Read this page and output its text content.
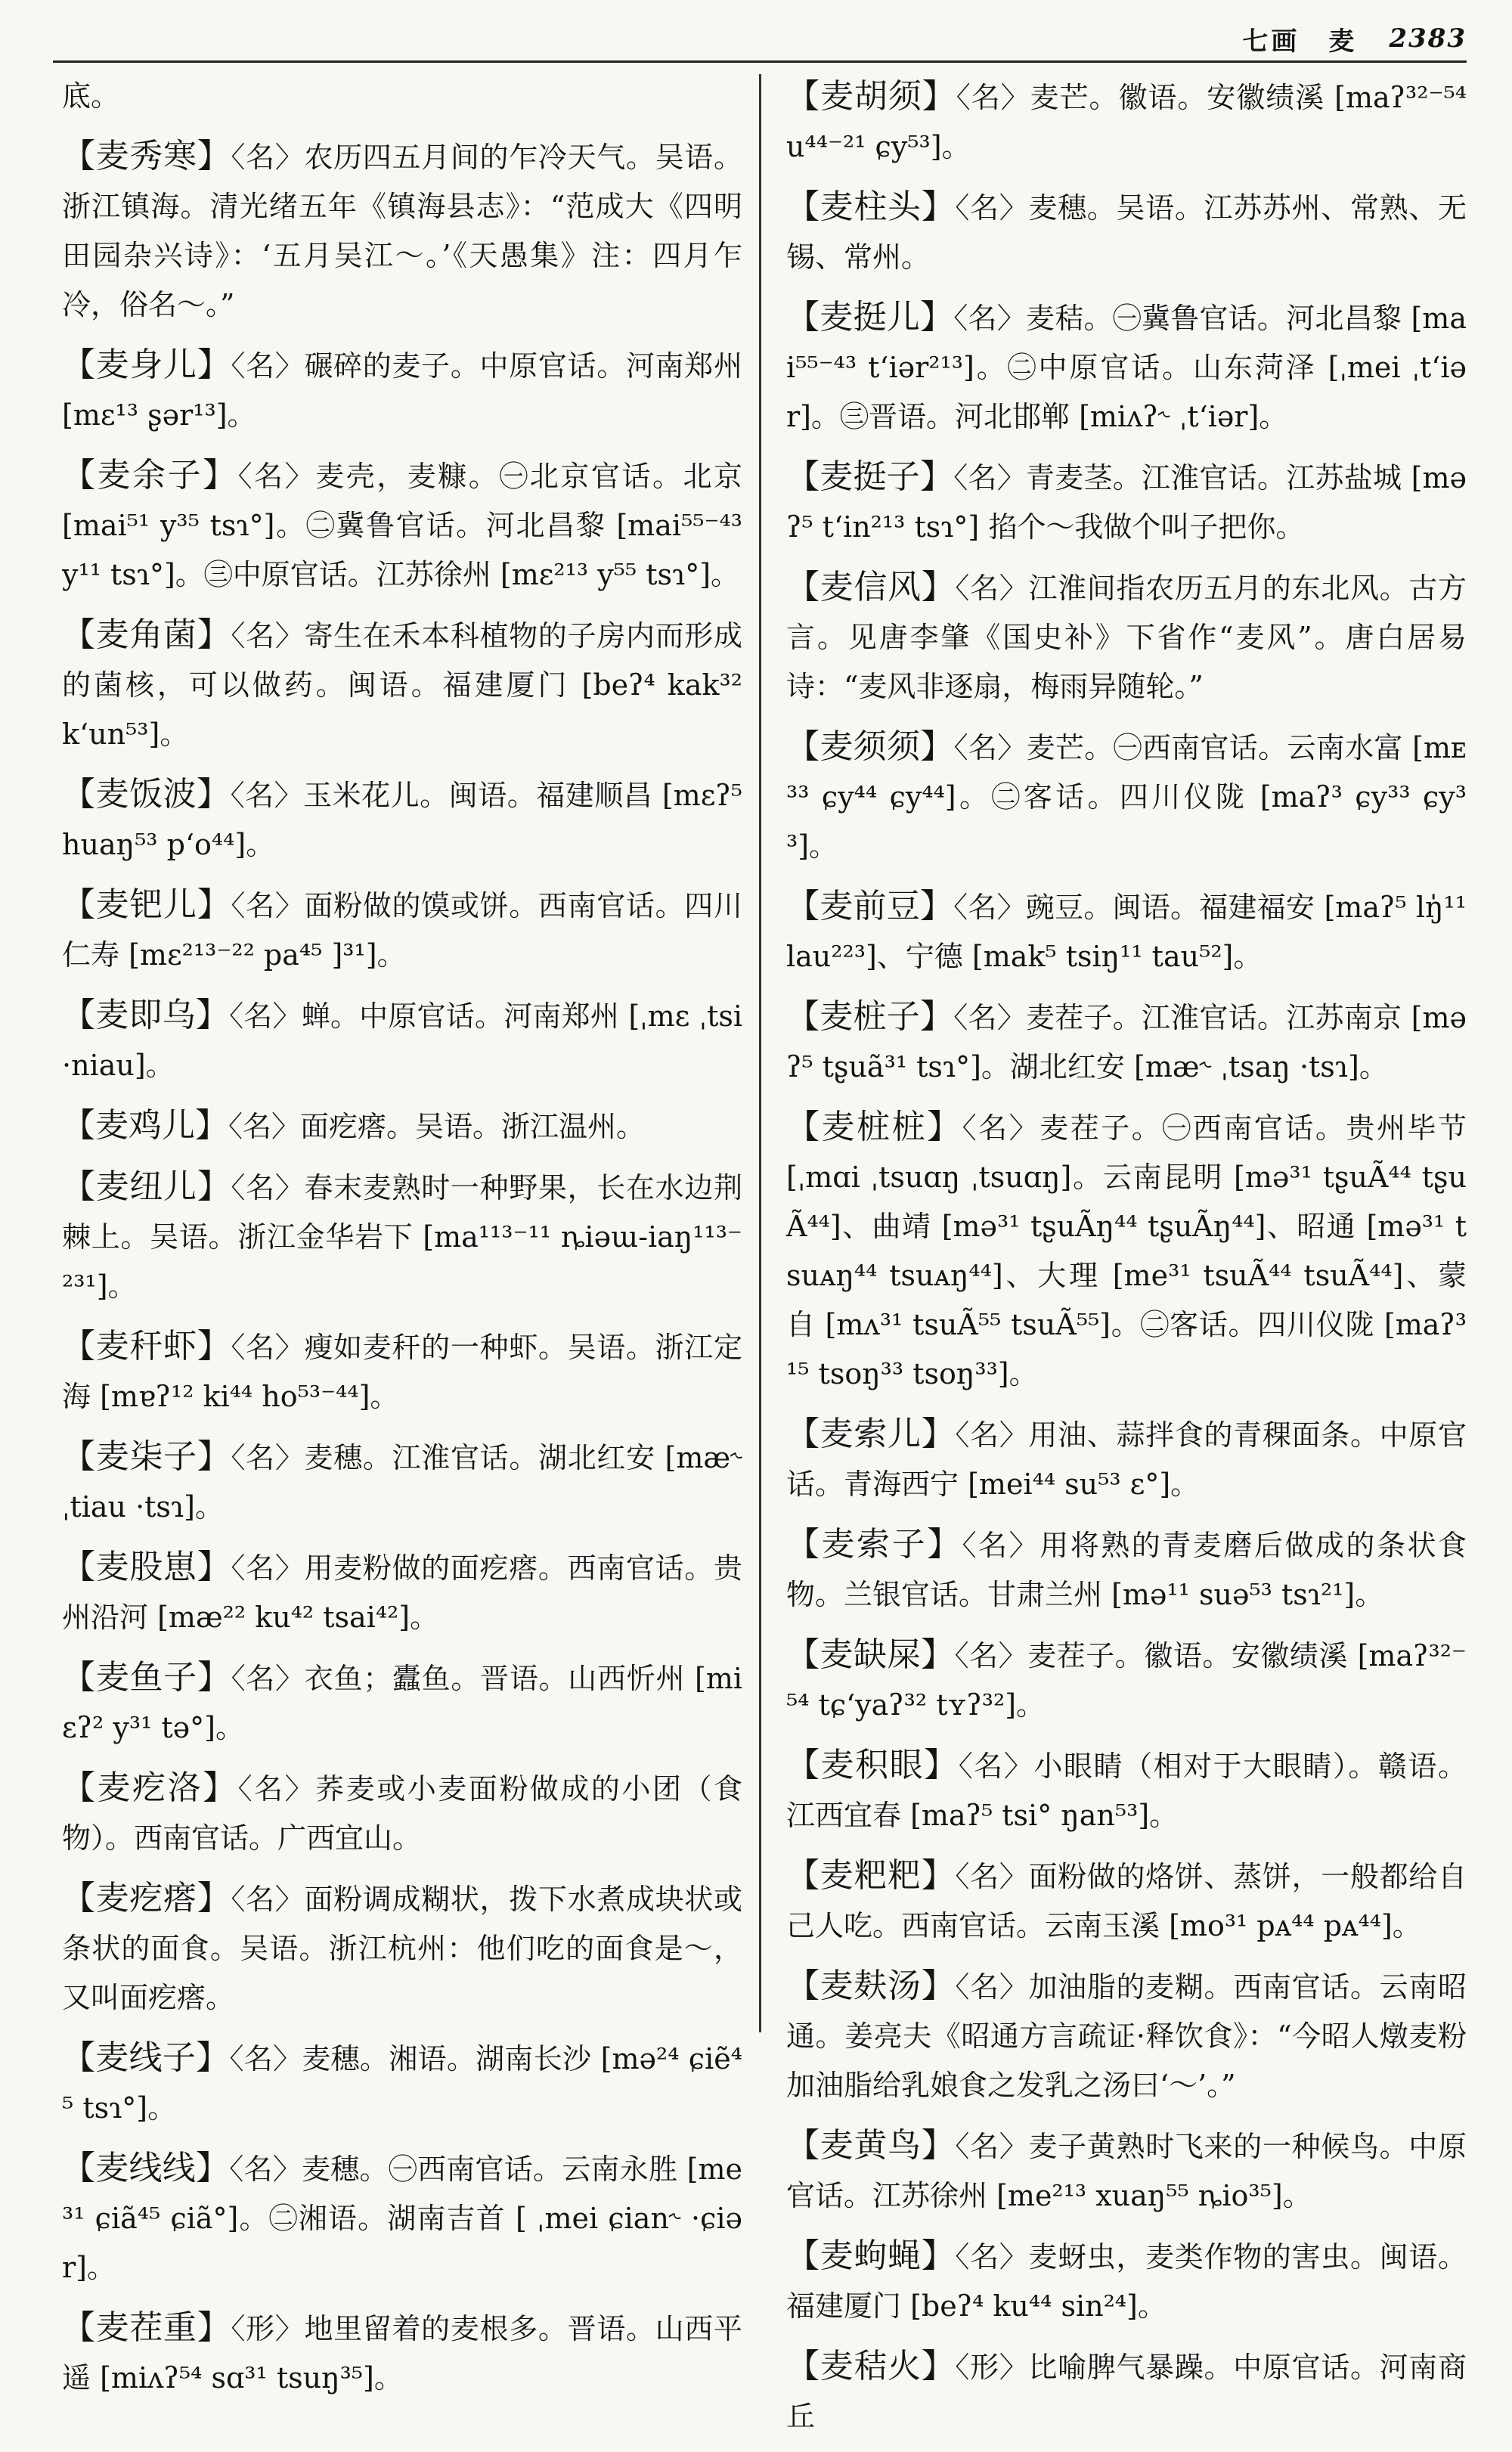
七画　麦 2383

底。

【麦秀寒】〈名〉农历四五月间的乍冷天气。吴语。浙江镇海。清光绪五年《镇海县志》：“范成大《四明田园杂兴诗》：‘五月吴江～。’《天愚集》注：四月乍冷，俗名～。”

【麦身儿】〈名〉碾碎的麦子。中原官话。河南郑州 [mɛ¹³ ʂər¹³]。

【麦余子】〈名〉麦壳，麦糠。㊀北京官话。北京 [mai⁵¹ y³⁵ tsɿ°]。㊁冀鲁官话。河北昌黎 [mai⁵⁵⁻⁴³ y¹¹ tsɿ°]。㊂中原官话。江苏徐州 [mɛ²¹³ y⁵⁵ tsɿ°]。

【麦角菌】〈名〉寄生在禾本科植物的子房内而形成的菌核，可以做药。闽语。福建厦门 [beʔ⁴ kak³² k‘un⁵³]。

【麦饭波】〈名〉玉米花儿。闽语。福建顺昌 [mɛʔ⁵ huaŋ⁵³ p‘o⁴⁴]。

【麦钯儿】〈名〉面粉做的馍或饼。西南官话。四川仁寿 [mɛ²¹³⁻²² pa⁴⁵ ]³¹]。

【麦即乌】〈名〉蝉。中原官话。河南郑州 [ˌmɛ ˌtsi ·niau]。

【麦鸡儿】〈名〉面疙瘩。吴语。浙江温州。

【麦纽儿】〈名〉春末麦熟时一种野果，长在水边荆棘上。吴语。浙江金华岩下 [ma¹¹³⁻¹¹ ȵiəɯ-iaŋ¹¹³⁻²³¹]。

【麦秆虾】〈名〉瘦如麦秆的一种虾。吴语。浙江定海 [mɐʔ¹² ki⁴⁴ ho⁵³⁻⁴⁴]。

【麦㭍子】〈名〉麦穗。江淮官话。湖北红安 [mæ˞ ˌtiau ·tsɿ]。

【麦股崽】〈名〉用麦粉做的面疙瘩。西南官话。贵州沿河 [mæ²² ku⁴² tsai⁴²]。

【麦鱼子】〈名〉衣鱼；蠹鱼。晋语。山西忻州 [miɛʔ² y³¹ tə°]。

【麦疙洛】〈名〉荞麦或小麦面粉做成的小团（食物）。西南官话。广西宜山。

【麦疙瘩】〈名〉面粉调成糊状，拨下水煮成块状或条状的面食。吴语。浙江杭州：他们吃的面食是～，又叫面疙瘩。

【麦线子】〈名〉麦穗。湘语。湖南长沙 [mə²⁴ ɕiẽ⁴⁵ tsɿ°]。

【麦线线】〈名〉麦穗。㊀西南官话。云南永胜 [me³¹ ɕiã⁴⁵ ɕiã°]。㊁湘语。湖南吉首 [ ˌmei ɕian˞ ·ɕiər]。

【麦茬重】〈形〉地里留着的麦根多。晋语。山西平遥 [miʌʔ⁵⁴ sɑ³¹ tsuŋ³⁵]。

【麦胡须】〈名〉麦芒。徽语。安徽绩溪 [maʔ³²⁻⁵⁴ u⁴⁴⁻²¹ ɕy⁵³]。

【麦柱头】〈名〉麦穗。吴语。江苏苏州、常熟、无锡、常州。

【麦挺儿】〈名〉麦秸。㊀冀鲁官话。河北昌黎 [mai⁵⁵⁻⁴³ t‘iər²¹³]。㊁中原官话。山东菏泽 [ˌmei ˌt‘iər]。㊂晋语。河北邯郸 [miʌʔ˞ ˌt‘iər]。

【麦挺子】〈名〉青麦茎。江淮官话。江苏盐城 [məʔ⁵ t‘in²¹³ tsɿ°] 掐个～我做个叫子把你。

【麦信风】〈名〉江淮间指农历五月的东北风。古方言。见唐李肇《国史补》下省作“麦风”。唐白居易诗：“麦风非逐扇，梅雨异随轮。”

【麦须须】〈名〉麦芒。㊀西南官话。云南水富 [mᴇ³³ ɕy⁴⁴ ɕy⁴⁴]。㊁客话。四川仪陇 [maʔ³ ɕy³³ ɕy³³]。

【麦前豆】〈名〉豌豆。闽语。福建福安 [maʔ⁵ lŋ̍¹¹ lau²²³]、宁德 [mak⁵ tsiŋ¹¹ tau⁵²]。

【麦桩子】〈名〉麦茬子。江淮官话。江苏南京 [məʔ⁵ tʂuã³¹ tsɿ°]。湖北红安 [mæ˞ ˌtsaŋ ·tsɿ]。

【麦桩桩】〈名〉麦茬子。㊀西南官话。贵州毕节 [ˌmɑi ˌtsuɑŋ ˌtsuɑŋ]。云南昆明 [mə³¹ tʂuÃ⁴⁴ tʂuÃ⁴⁴]、曲靖 [mə³¹ tʂuÃŋ⁴⁴ tʂuÃŋ⁴⁴]、昭通 [mə³¹ tsuᴀŋ⁴⁴ tsuᴀŋ⁴⁴]、大理 [me³¹ tsuÃ⁴⁴ tsuÃ⁴⁴]、蒙自 [mʌ³¹ tsuÃ⁵⁵ tsuÃ⁵⁵]。㊁客话。四川仪陇 [maʔ³¹⁵ tsoŋ³³ tsoŋ³³]。

【麦索儿】〈名〉用油、蒜拌食的青稞面条。中原官话。青海西宁 [mei⁴⁴ su⁵³ ɛ°]。

【麦索子】〈名〉用将熟的青麦磨后做成的条状食物。兰银官话。甘肃兰州 [mə¹¹ suə⁵³ tsɿ²¹]。

【麦缺屎】〈名〉麦茬子。徽语。安徽绩溪 [maʔ³²⁻⁵⁴ tɕ‘yaʔ³² tʏʔ³²]。

【麦积眼】〈名〉小眼睛（相对于大眼睛）。赣语。江西宜春 [maʔ⁵ tsi° ŋan⁵³]。

【麦粑粑】〈名〉面粉做的烙饼、蒸饼，一般都给自己人吃。西南官话。云南玉溪 [mo³¹ pᴀ⁴⁴ pᴀ⁴⁴]。

【麦麸汤】〈名〉加油脂的麦糊。西南官话。云南昭通。姜亮夫《昭通方言疏证·释饮食》：“今昭人燉麦粉加油脂给乳娘食之发乳之汤曰‘～’。”

【麦黄鸟】〈名〉麦子黄熟时飞来的一种候鸟。中原官话。江苏徐州 [me²¹³ xuaŋ⁵⁵ ȵio³⁵]。

【麦蚼蝇】〈名〉麦蚜虫，麦类作物的害虫。闽语。福建厦门 [beʔ⁴ ku⁴⁴ sin²⁴]。

【麦秸火】〈形〉比喻脾气暴躁。中原官话。河南商丘
